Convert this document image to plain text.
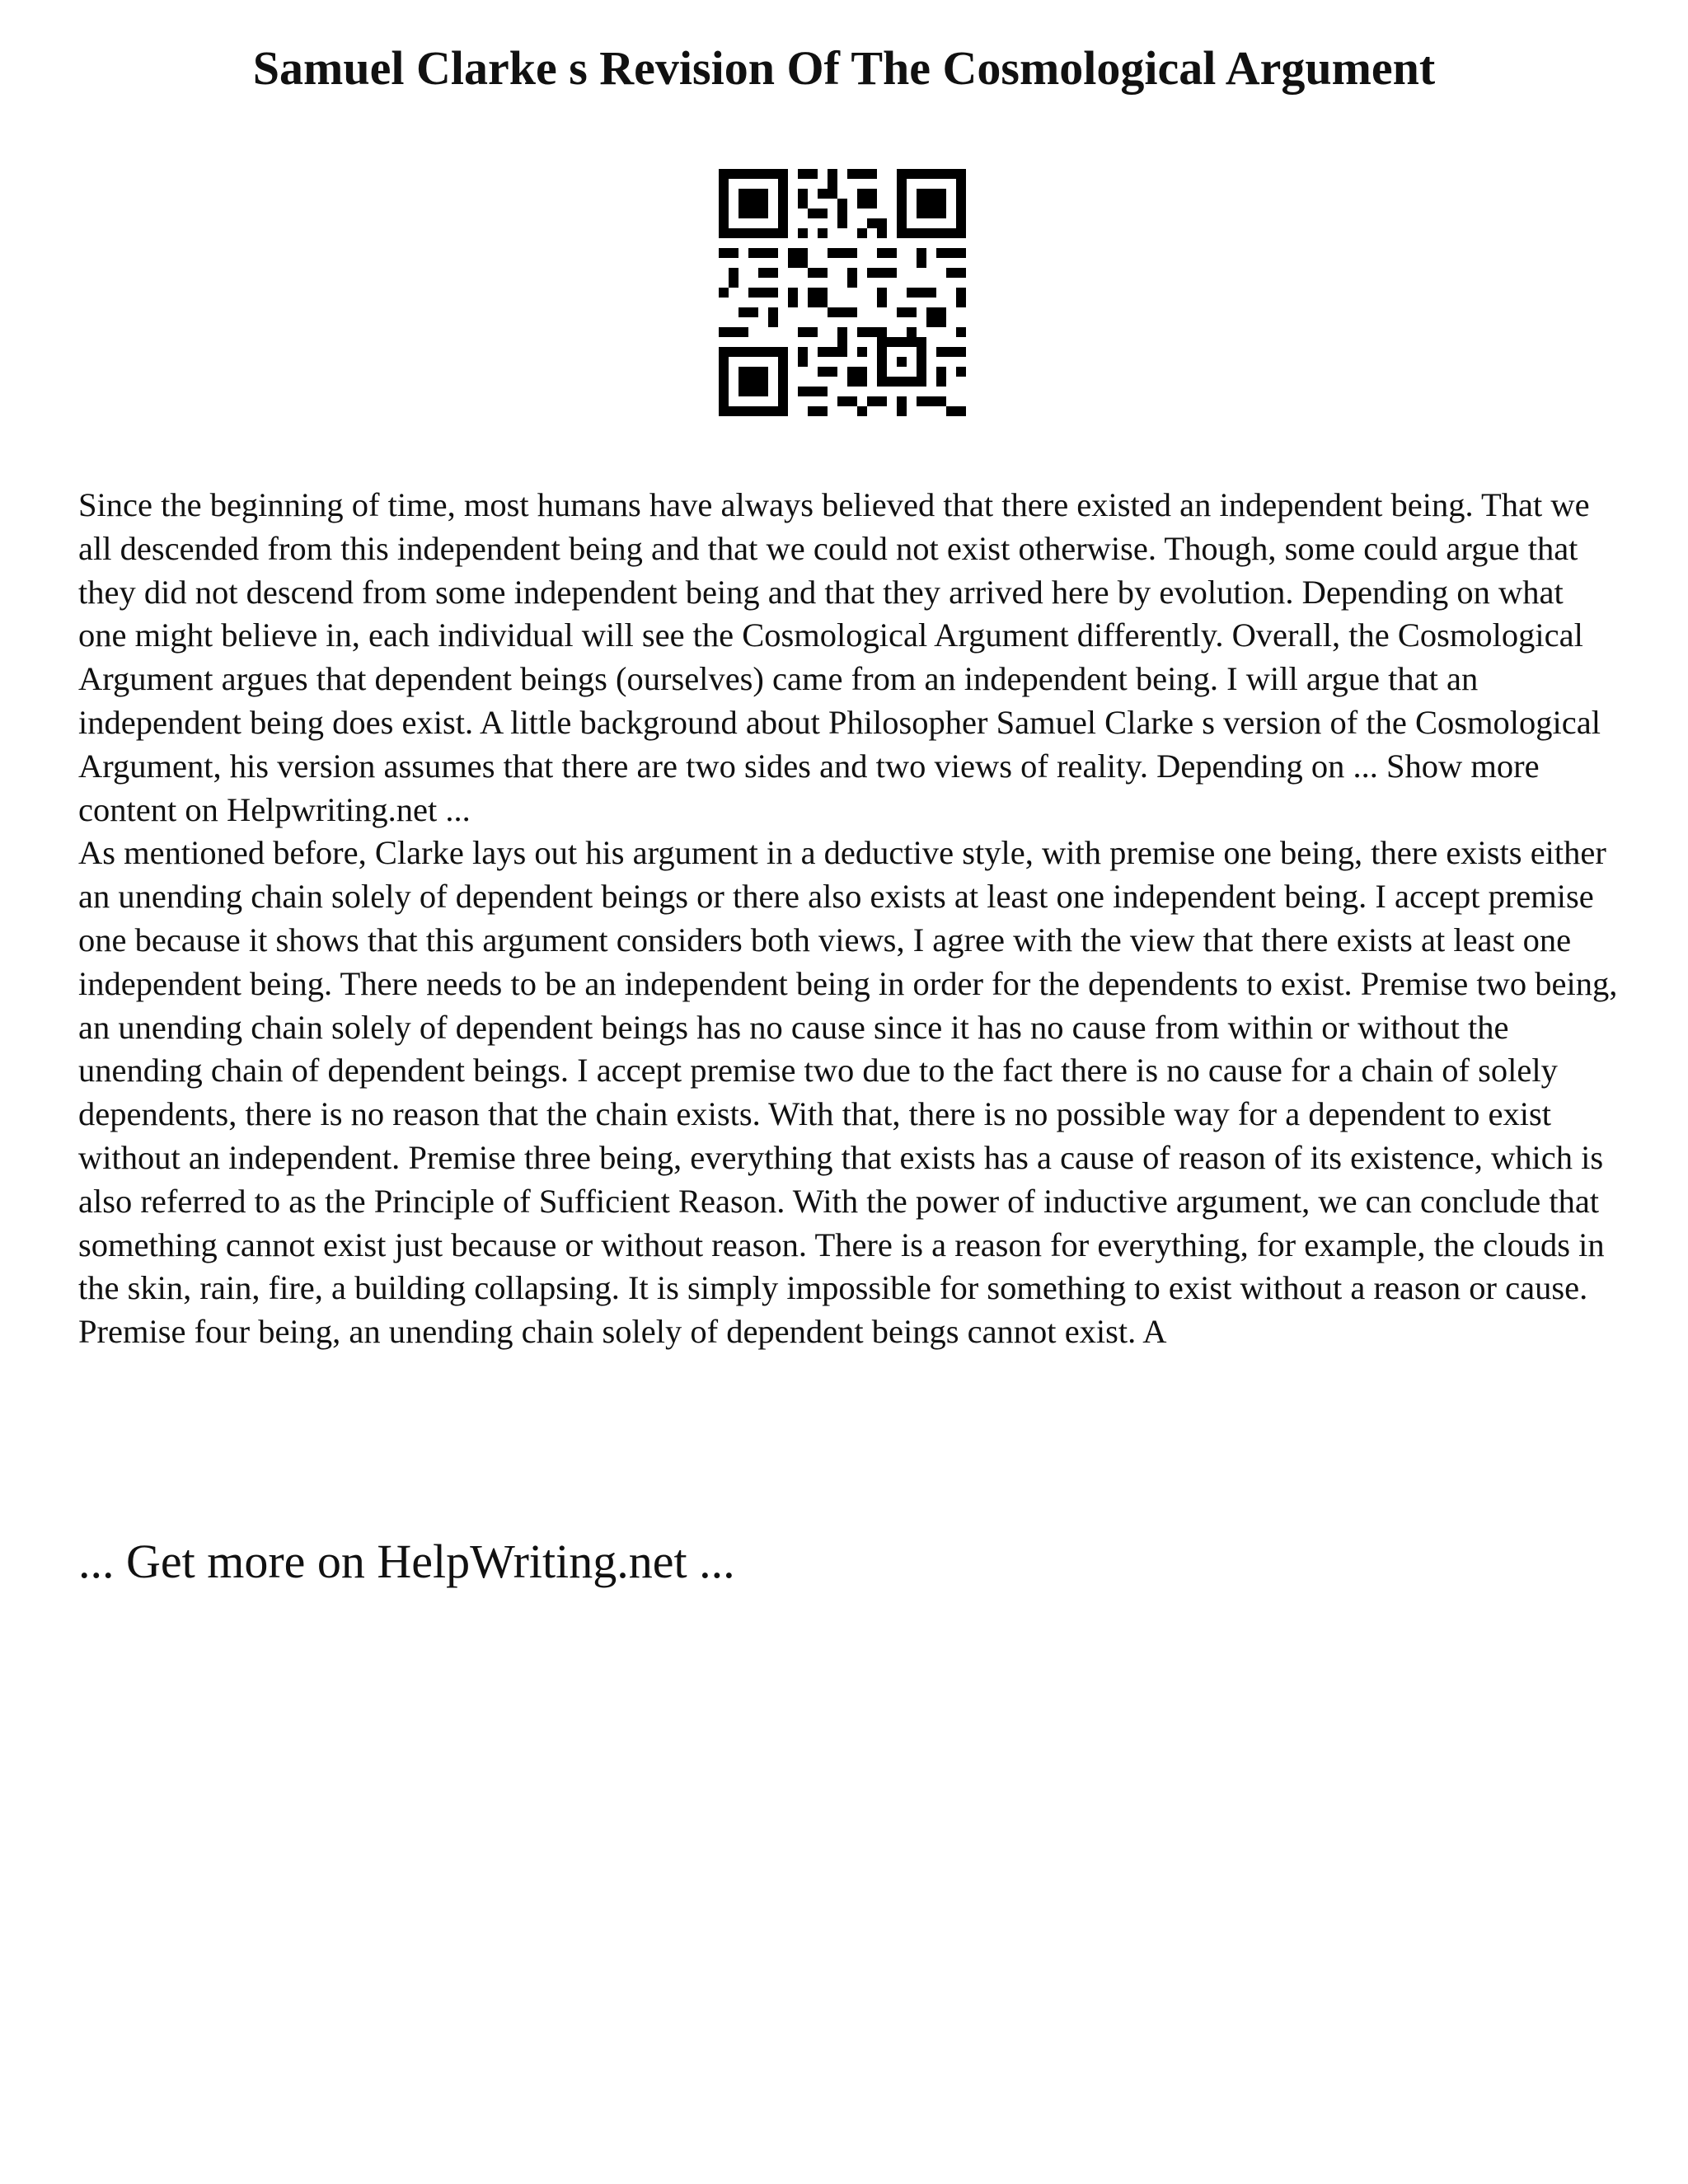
Samuel Clarke s Revision Of The Cosmological Argument

Since the beginning of time, most humans have always believed that there existed an independent being. That we all descended from this independent being and that we could not exist otherwise. Though, some could argue that they did not descend from some independent being and that they arrived here by evolution. Depending on what one might believe in, each individual will see the Cosmological Argument differently. Overall, the Cosmological Argument argues that dependent beings (ourselves) came from an independent being. I will argue that an independent being does exist. A little background about Philosopher Samuel Clarke s version of the Cosmological Argument, his version assumes that there are two sides and two views of reality. Depending on ... Show more content on Helpwriting.net ...

As mentioned before, Clarke lays out his argument in a deductive style, with premise one being, there exists either an unending chain solely of dependent beings or there also exists at least one independent being. I accept premise one because it shows that this argument considers both views, I agree with the view that there exists at least one independent being. There needs to be an independent being in order for the dependents to exist. Premise two being, an unending chain solely of dependent beings has no cause since it has no cause from within or without the unending chain of dependent beings. I accept premise two due to the fact there is no cause for a chain of solely dependents, there is no reason that the chain exists. With that, there is no possible way for a dependent to exist without an independent. Premise three being, everything that exists has a cause of reason of its existence, which is also referred to as the Principle of Sufficient Reason. With the power of inductive argument, we can conclude that something cannot exist just because or without reason. There is a reason for everything, for example, the clouds in the skin, rain, fire, a building collapsing. It is simply impossible for something to exist without a reason or cause. Premise four being, an unending chain solely of dependent beings cannot exist. A

... Get more on HelpWriting.net ...
